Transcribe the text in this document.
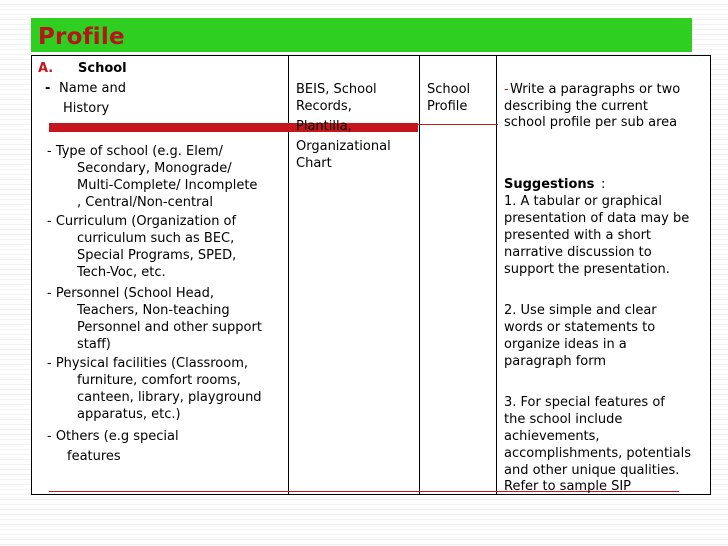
Profile
A. School
- Name and
History
- Type of school (e.g. Elem/
Secondary, Monograde/
Multi-Complete/ Incomplete
, Central/Non-central
- Curriculum (Organization of
curriculum such as BEC,
Special Programs, SPED,
Tech-Voc, etc.
- Personnel (School Head,
Teachers, Non-teaching
Personnel and other support
staff)
- Physical facilities (Classroom,
furniture, comfort rooms,
canteen, library, playground
apparatus, etc.)
- Others (e.g special
features
BEIS, School
Records,
Plantilla,
Organizational
Chart
School
Profile
- Write a paragraphs or two
describing the current
school profile per sub area
Suggestions :
1. A tabular or graphical
presentation of data may be
presented with a short
narrative discussion to
support the presentation.
2. Use simple and clear
words or statements to
organize ideas in a
paragraph form
3. For special features of
the school include
achievements,
accomplishments, potentials
and other unique qualities.
Refer to sample SIP
